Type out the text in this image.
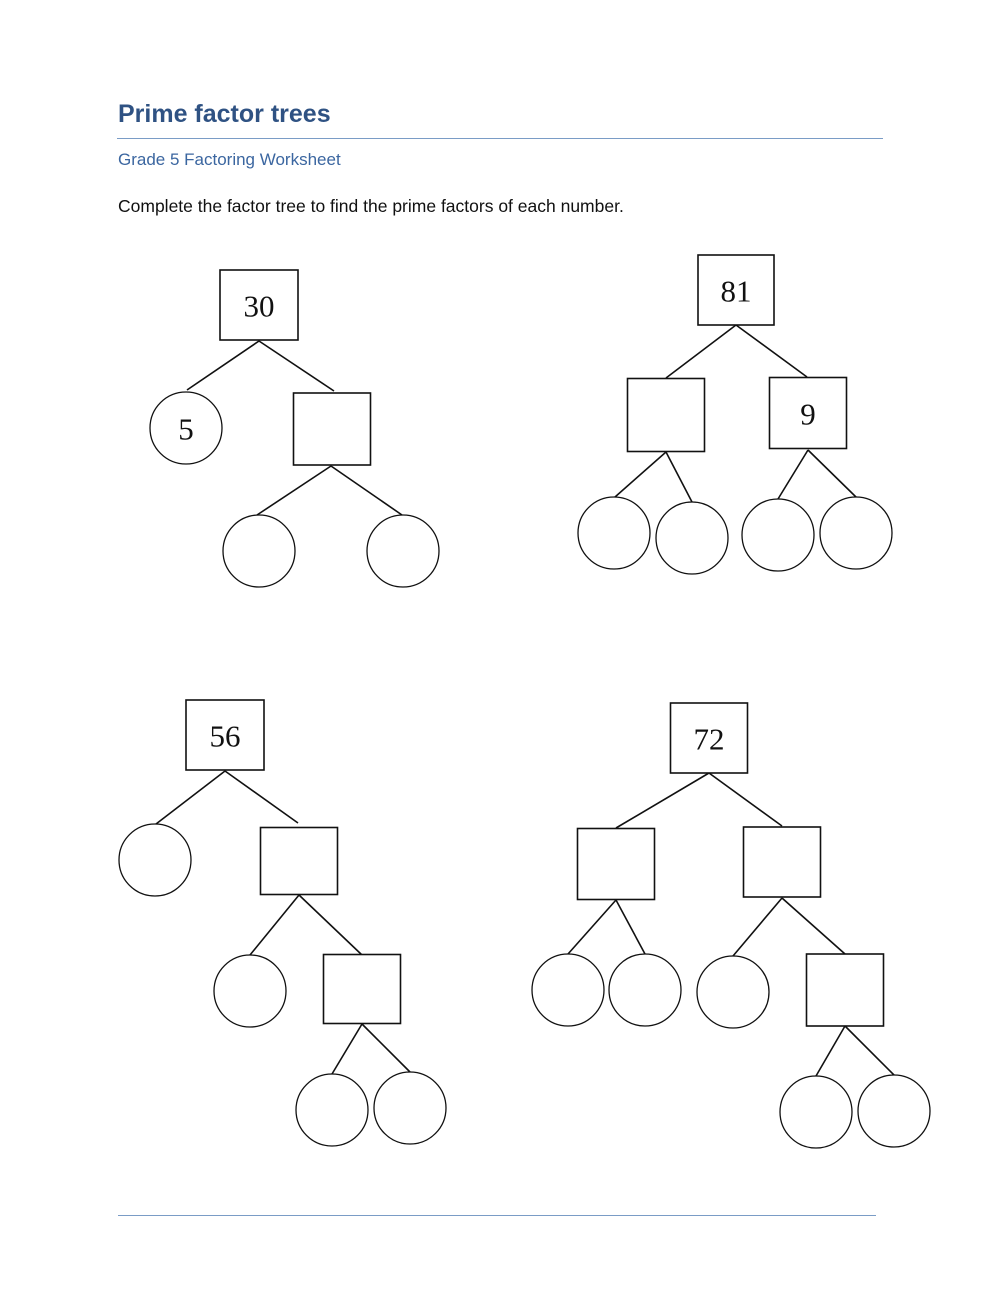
Prime factor trees

Grade 5 Factoring Worksheet

Complete the factor tree to find the prime factors of each number.

30
5
81
9
56	72
